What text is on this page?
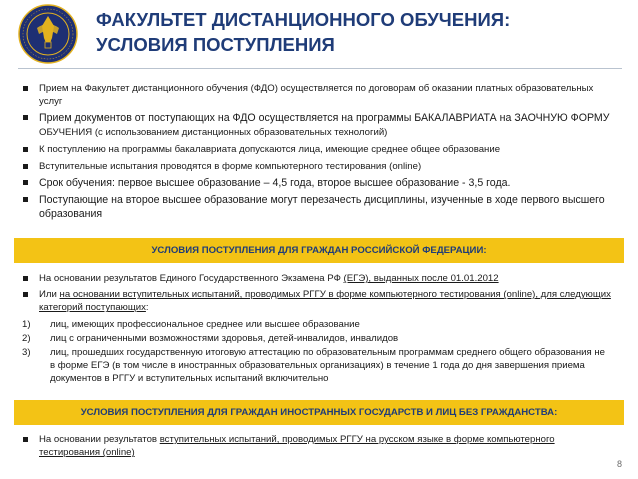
ФАКУЛЬТЕТ ДИСТАНЦИОННОГО ОБУЧЕНИЯ:
УСЛОВИЯ ПОСТУПЛЕНИЯ
Прием на Факультет дистанционного обучения (ФДО) осуществляется по договорам об оказании платных образовательных услуг
Прием документов от поступающих на ФДО осуществляется на программы БАКАЛАВРИАТА на ЗАОЧНУЮ ФОРМУ
ОБУЧЕНИЯ (с использованием дистанционных образовательных технологий)
К поступлению на программы бакалавриата допускаются лица, имеющие среднее общее образование
Вступительные испытания проводятся в форме компьютерного тестирования (online)
Срок обучения: первое высшее образование – 4,5 года, второе высшее образование - 3,5 года.
Поступающие на второе высшее образование могут перезачесть дисциплины, изученные в ходе первого высшего образования
УСЛОВИЯ ПОСТУПЛЕНИЯ ДЛЯ ГРАЖДАН РОССИЙСКОЙ ФЕДЕРАЦИИ:
На основании результатов Единого Государственного Экзамена РФ (ЕГЭ), выданных после 01.01.2012
Или на основании вступительных испытаний, проводимых РГГУ в форме компьютерного тестирования (online), для следующих категорий поступающих:
1) лиц, имеющих профессиональное среднее или высшее образование
2) лиц с ограниченными возможностями здоровья, детей-инвалидов, инвалидов
3) лиц, прошедших государственную итоговую аттестацию по образовательным программам среднего общего образования не в форме ЕГЭ (в том числе в иностранных образовательных организациях) в течение 1 года до дня завершения приема документов в РГГУ и вступительных испытаний включительно
УСЛОВИЯ ПОСТУПЛЕНИЯ ДЛЯ ГРАЖДАН ИНОСТРАННЫХ ГОСУДАРСТВ И ЛИЦ БЕЗ ГРАЖДАНСТВА:
На основании результатов вступительных испытаний, проводимых РГГУ на русском языке в форме компьютерного тестирования (online)
8
